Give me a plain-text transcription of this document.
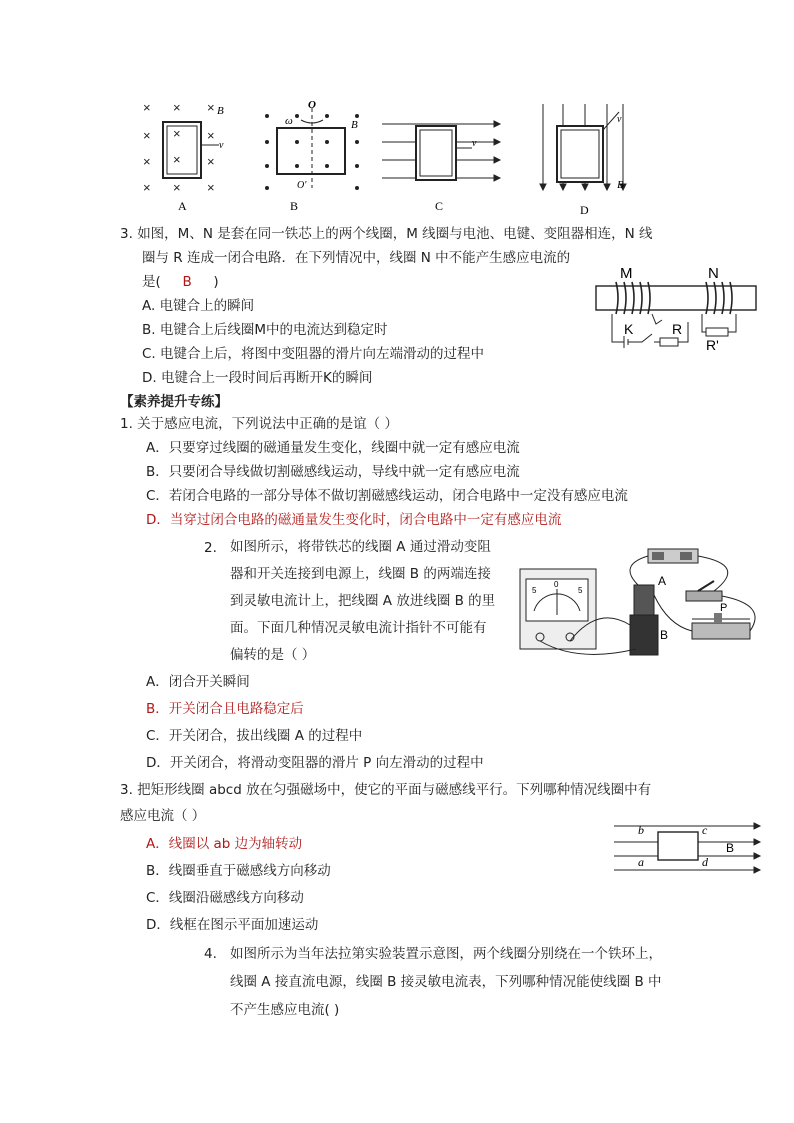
× × ×
×	×
×	×
× × ×
×
×
v
B
A
O
O'
ω	B
B
v
C
v
B
D
3. 如图，M、N 是套在同一铁芯上的两个线圈，M 线圈与电池、电键、变阻器相连，N 线
圈与 R 连成一闭合电路．在下列情况中，线圈 N 中不能产生感应电流的
是( B )
A. 电键合上的瞬间
B. 电键合上后线圈M中的电流达到稳定时
C. 电键合上后，将图中变阻器的滑片向左端滑动的过程中
D. 电键合上一段时间后再断开K的瞬间
M	N
K	R
R'
【素养提升专练】
1. 关于感应电流，下列说法中正确的是谊（ ）
A．只要穿过线圈的磁通量发生变化，线圈中就一定有感应电流
B．只要闭合导线做切割磁感线运动，导线中就一定有感应电流
C．若闭合电路的一部分导体不做切割磁感线运动，闭合电路中一定没有感应电流
D．当穿过闭合电路的磁通量发生变化时，闭合电路中一定有感应电流
2. 如图所示，将带铁芯的线圈 A 通过滑动变阻
器和开关连接到电源上，线圈 B 的两端连接
到灵敏电流计上，把线圈 A 放进线圈 B 的里
面。下面几种情况灵敏电流计指针不可能有
偏转的是（ ）
5
0
5
A
B
P
A．闭合开关瞬间
B．开关闭合且电路稳定后
C．开关闭合，拔出线圈 A 的过程中
D．开关闭合，将滑动变阻器的滑片 P 向左滑动的过程中
3. 把矩形线圈 abcd 放在匀强磁场中，使它的平面与磁感线平行。下列哪种情况线圈中有
感应电流（ ）
A．线圈以 ab 边为轴转动
B．线圈垂直于磁感线方向移动
C．线圈沿磁感线方向移动
D．线框在图示平面加速运动
b	c
a	d
B
4. 如图所示为当年法拉第实验装置示意图，两个线圈分别绕在一个铁环上，
线圈 A 接直流电源，线圈 B 接灵敏电流表，下列哪种情况能使线圈 B 中
不产生感应电流( )
